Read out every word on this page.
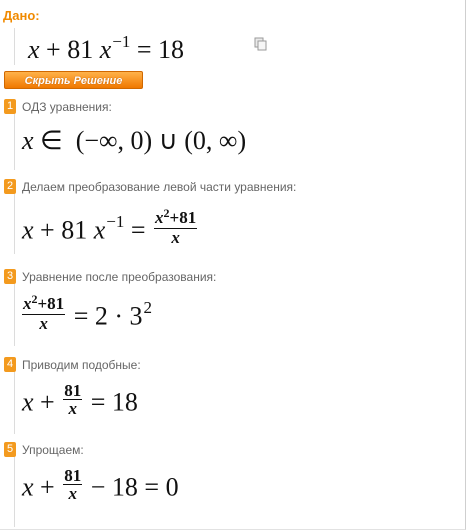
Дано:
x + 81 $x^{-1} = 18$
Скрыть Решение
1 ОДЗ уравнения:
x ∈ (−∞, 0) ∪ (0, ∞)
2 Делаем преобразование левой части уравнения:
x + 81 $x^{-1} = \frac{x^2+81}{x}$
3 Уравнение после преобразования:
$\frac{x^2+81}{x} = 2 \cdot 3^2$
4 Приводим подобные:
$x + \frac{81}{x} = 18$
5 Упрощаем:
$x + \frac{81}{x} - 18 = 0$
